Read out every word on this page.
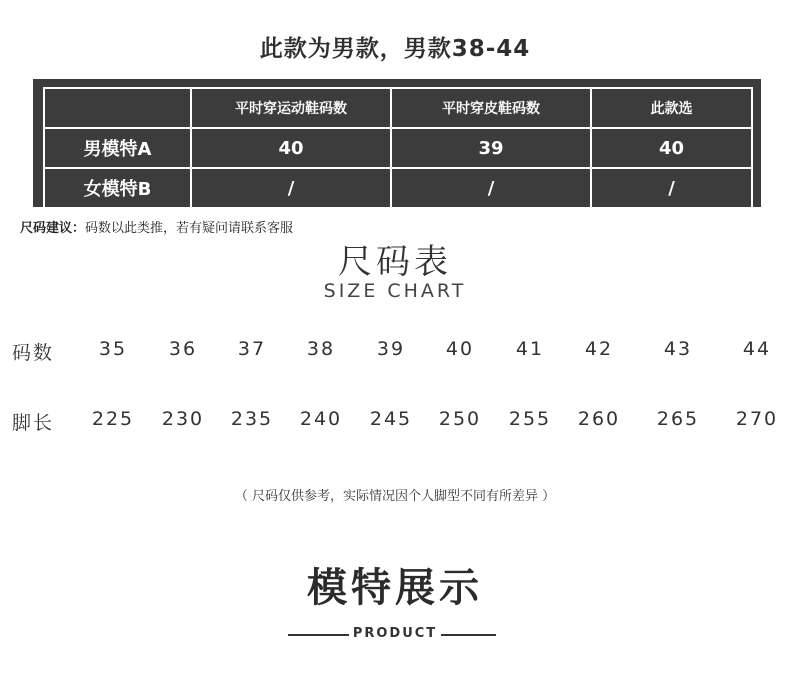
此款为男款，男款38-44
	平时穿运动鞋码数	平时穿皮鞋码数	此款选
男模特A	40	39	40
女模特B	/	/	/
尺码建议：码数以此类推，若有疑问请联系客服
尺码表
SIZE CHART
码数	35	36	37	38	39	40	41	42	43	44
脚长	225	230	235	240	245	250	255	260	265	270
（ 尺码仅供参考，实际情况因个人脚型不同有所差异 ）
模特展示
PRODUCT
